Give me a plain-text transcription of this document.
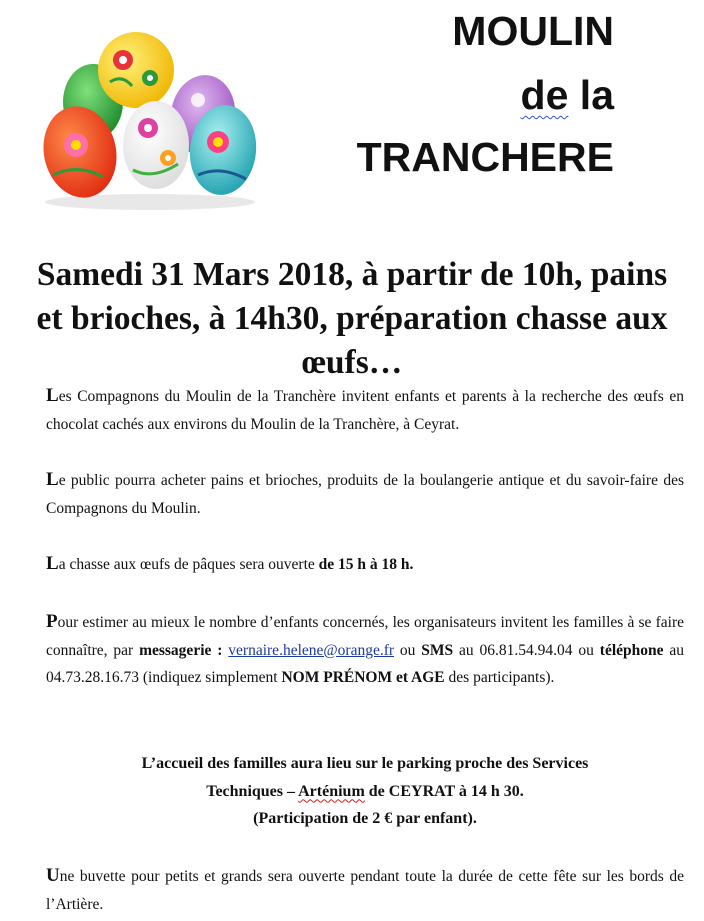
MOULIN
de la
TRANCHERE
Samedi 31 Mars 2018, à partir de 10h, pains et brioches, à 14h30, préparation chasse aux œufs…
Les Compagnons du Moulin de la Tranchère invitent enfants et parents à la recherche des œufs en chocolat cachés aux environs du Moulin de la Tranchère, à Ceyrat.
Le public pourra acheter pains et brioches, produits de la boulangerie antique et du savoir-faire des Compagnons du Moulin.
La chasse aux œufs de pâques sera ouverte de 15 h à 18 h.
Pour estimer au mieux le nombre d’enfants concernés, les organisateurs invitent les familles à se faire connaître, par messagerie : vernaire.helene@orange.fr ou SMS au 06.81.54.94.04 ou téléphone au 04.73.28.16.73 (indiquez simplement NOM PRÉNOM et AGE des participants).
L’accueil des familles aura lieu sur le parking proche des Services
Techniques – Arténium de CEYRAT à 14 h 30.
(Participation de 2 € par enfant).
Une buvette pour petits et grands sera ouverte pendant toute la durée de cette fête sur les bords de l’Artière.
